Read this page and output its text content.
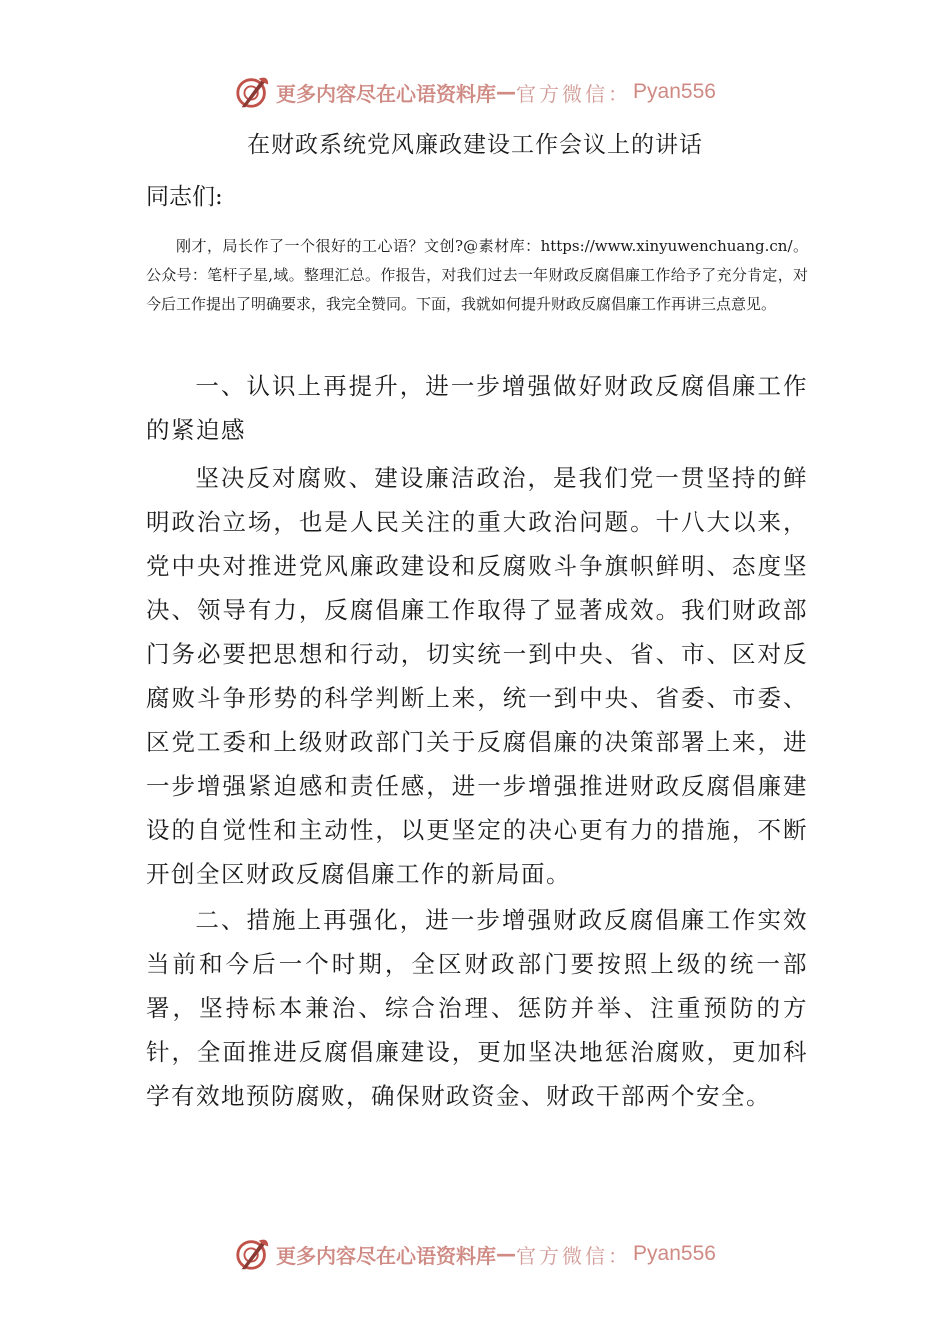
更多内容尽在心语资料库 — 官方微信： Pyan556
在财政系统党风廉政建设工作会议上的讲话
同志们:
刚才，局长作了一个很好的工心语？文创?@素材库：https://www.xinyuwenchuang.cn/。公众号：笔杆子星,域。整理汇总。作报告，对我们过去一年财政反腐倡廉工作给予了充分肯定，对今后工作提出了明确要求，我完全赞同。下面，我就如何提升财政反腐倡廉工作再讲三点意见。

一、认识上再提升，进一步增强做好财政反腐倡廉工作的紧迫感

坚决反对腐败、建设廉洁政治，是我们党一贯坚持的鲜明政治立场，也是人民关注的重大政治问题。十八大以来，党中央对推进党风廉政建设和反腐败斗争旗帜鲜明、态度坚决、领导有力，反腐倡廉工作取得了显著成效。我们财政部门务必要把思想和行动，切实统一到中央、省、市、区对反腐败斗争形势的科学判断上来，统一到中央、省委、市委、区党工委和上级财政部门关于反腐倡廉的决策部署上来，进一步增强紧迫感和责任感，进一步增强推进财政反腐倡廉建设的自觉性和主动性，以更坚定的决心更有力的措施，不断开创全区财政反腐倡廉工作的新局面。

二、措施上再强化，进一步增强财政反腐倡廉工作实效当前和今后一个时期，全区财政部门要按照上级的统一部署，坚持标本兼治、综合治理、惩防并举、注重预防的方针，全面推进反腐倡廉建设，更加坚决地惩治腐败，更加科学有效地预防腐败，确保财政资金、财政干部两个安全。

更多内容尽在心语资料库 — 官方微信： Pyan556
